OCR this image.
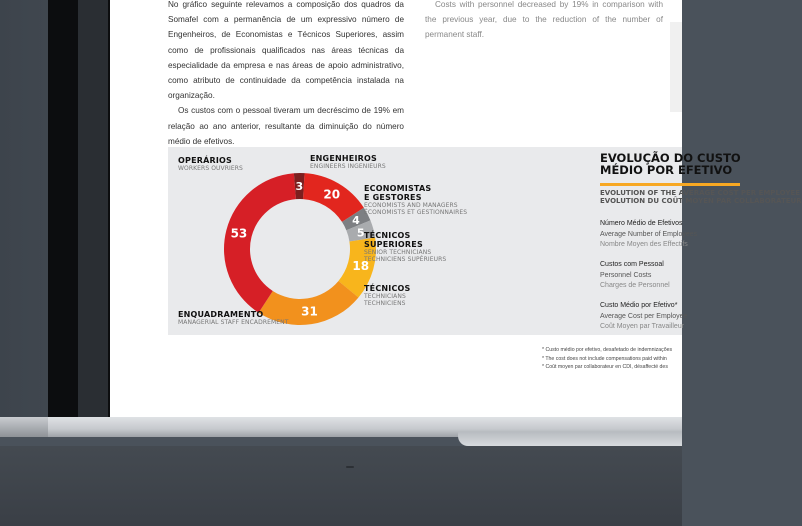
No gráfico seguinte relevamos a composição dos quadros da Somafel com a permanência de um expressivo número de Engenheiros, de Economistas e Técnicos Superiores, assim como de profissionais qualificados nas áreas técnicas da especialidade da empresa e nas áreas de apoio administrativo, como atributo de continuidade da competência instalada na organização.

Os custos com o pessoal tiveram um decréscimo de 19% em relação ao ano anterior, resultante da diminuição do número médio de efetivos.

Costs with personnel decreased by 19% in comparison with the previous year, due to the reduction of the number of permanent staff.

20
4
5
18
31
53
3
OPERÁRIOS
WORKERS OUVRIERS
ENGENHEIROS
ENGINEERS INGENIEURS
ECONOMISTAS
E GESTORES
ECONOMISTS AND MANAGERS
ÉCONOMISTS ET GESTIONNAIRES
TÉCNICOS
SUPERIORES
SENIOR TECHNICIANS
TECHNICIENS SUPÉRIEURS
TÉCNICOS
TECHNICIANS
TECHNICIENS
ENQUADRAMENTO
MANAGERIAL STAFF ENCADREMENT
EVOLUÇÃO DO CUSTO
MÉDIO POR EFETIVO
EVOLUTION OF THE AVERAGE COST PER EMPLOYEE
EVOLUTION DU COÛT MOYEN PAR COLLABORATEUR
Número Médio de Efetivos
Average Number of Employees
Nombre Moyen des Effectifs
Custos com Pessoal
Personnel Costs
Charges de Personnel
Custo Médio por Efetivo*
Average Cost per Employee
Coût Moyen par Travailleur
* Custo médio por efetivo, desafetado de indemnizações
* The cost does not include compensations paid within
* Coût moyen par collaborateur en CDI, désaffecté des
